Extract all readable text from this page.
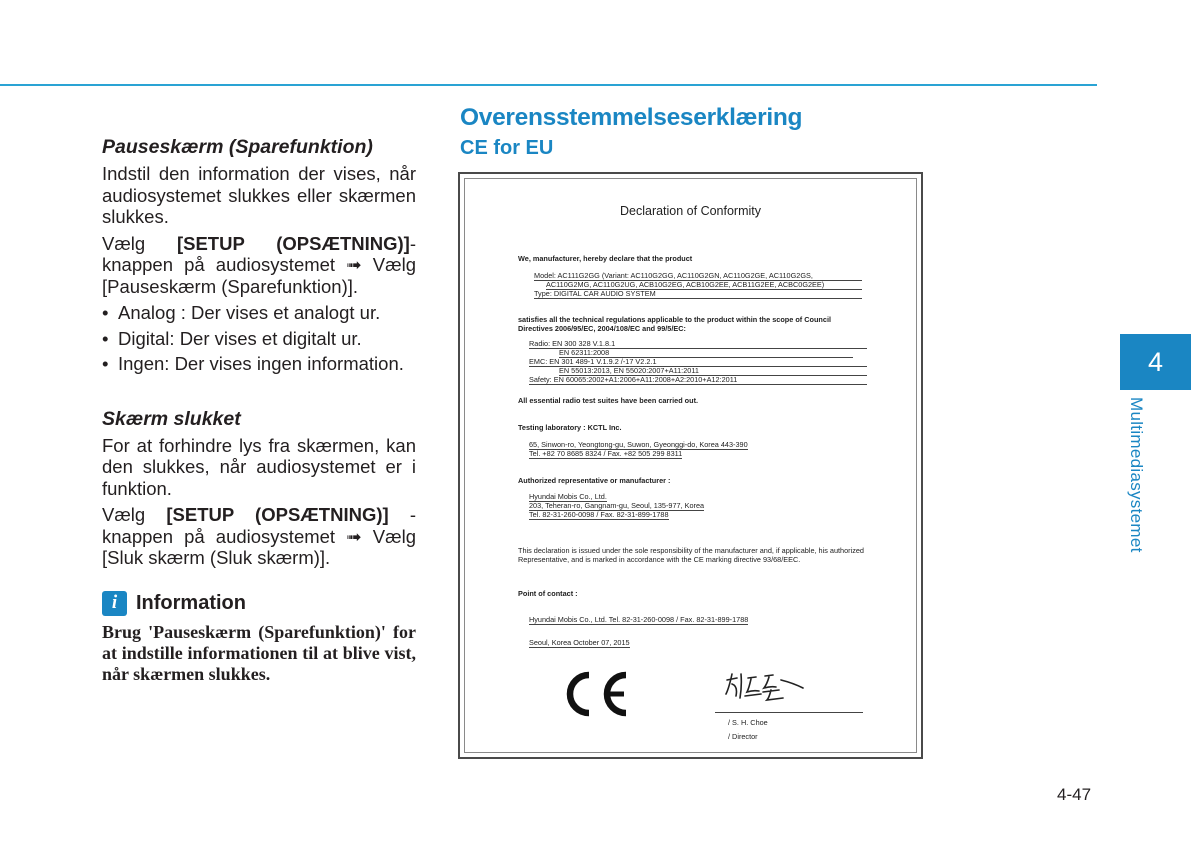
Pauseskærm (Sparefunktion)

Indstil den information der vises, når audiosystemet slukkes eller skærmen slukkes.

Vælg [SETUP (OPSÆTNING)]-knappen på audiosystemet ➟ Vælg [Pauseskærm (Sparefunktion)].

• Analog : Der vises et analogt ur.
• Digital: Der vises et digitalt ur.
• Ingen: Der vises ingen information.
Skærm slukket

For at forhindre lys fra skærmen, kan den slukkes, når audiosystemet er i funktion.

Vælg [SETUP (OPSÆTNING)] -knappen på audiosystemet ➟ Vælg [Sluk skærm (Sluk skærm)].

i Information

Brug 'Pauseskærm (Sparefunktion)' for at indstille informationen til at blive vist, når skærmen slukkes.

Overensstemmelseserklæring
CE for EU
Declaration of Conformity
We, manufacturer, hereby declare that the product
Model: AC111G2GG (Variant: AC110G2GG, AC110G2GN, AC110G2GE, AC110G2GS,
AC110G2MG, AC110G2UG, ACB10G2EG, ACB10G2EE, ACB11G2EE, ACBC0G2EE)
Type: DIGITAL CAR AUDIO SYSTEM
satisfies all the technical regulations applicable to the product within the scope of Council
Directives 2006/95/EC, 2004/108/EC and 99/5/EC:
Radio: EN 300 328 V.1.8.1
EN 62311:2008
EMC: EN 301 489-1 V.1.9.2 /-17 V2.2.1
EN 55013:2013, EN 55020:2007+A11:2011
Safety: EN 60065:2002+A1:2006+A11:2008+A2:2010+A12:2011
All essential radio test suites have been carried out.
Testing laboratory : KCTL Inc.
65, Sinwon-ro, Yeongtong-gu, Suwon, Gyeonggi-do, Korea 443-390
Tel. +82 70 8685 8324 / Fax. +82 505 299 8311
Authorized representative or manufacturer :
Hyundai Mobis Co., Ltd.
203, Teheran-ro, Gangnam-gu, Seoul, 135-977, Korea
Tel. 82-31-260-0098 / Fax. 82-31-899-1788
This declaration is issued under the sole responsibility of the manufacturer and, if applicable, his authorized
Representative, and is marked in accordance with the CE marking directive 93/68/EEC.
Point of contact :
Hyundai Mobis Co., Ltd. Tel. 82-31-260-0098 / Fax. 82-31-899-1788
Seoul, Korea October 07, 2015
/ S. H. Choe
/ Director
4
Multimediasystemet
4-47
